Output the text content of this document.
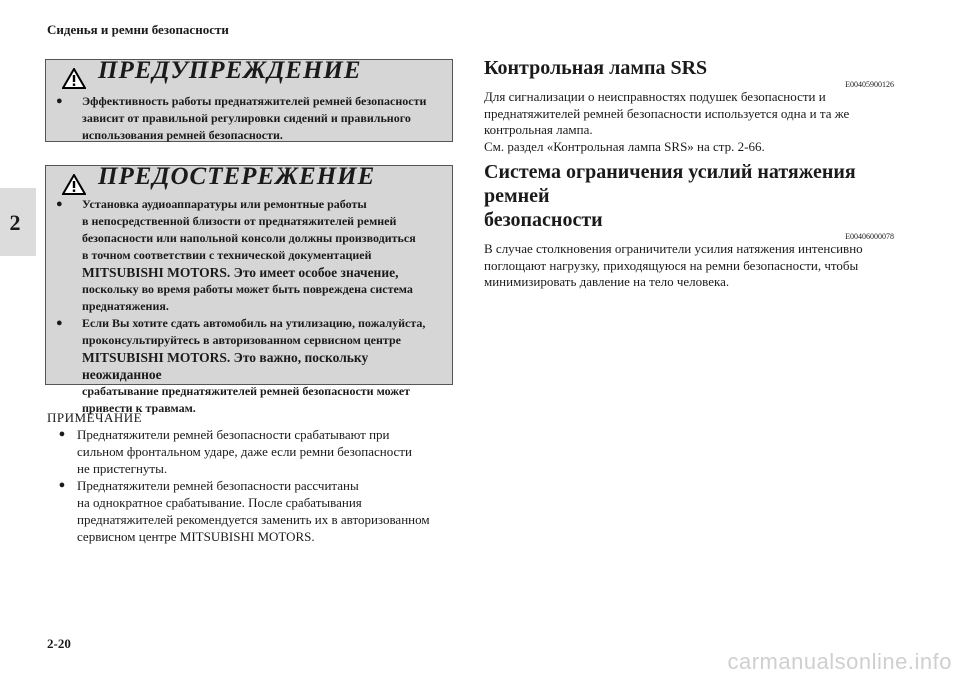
Сиденья и ремни безопасности
2
ПРЕДУПРЕЖДЕНИЕ
●	Эффективность работы преднатяжителей ремней безопасности
зависит от правильной регулировки сидений и правильного
использования ремней безопасности.
ПРЕДОСТЕРЕЖЕНИЕ
●	Установка аудиоаппаратуры или ремонтные работы
в непосредственной близости от преднатяжителей ремней
безопасности или напольной консоли должны производиться
в точном соответствии с технической документацией
MITSUBISHI MOTORS. Это имеет особое значение,
поскольку во время работы может быть повреждена система
преднатяжения.
●	Если Вы хотите сдать автомобиль на утилизацию, пожалуйста,
проконсультируйтесь в авторизованном сервисном центре
MITSUBISHI MOTORS. Это важно, поскольку неожиданное
срабатывание преднатяжителей ремней безопасности может
привести к травмам.
ПРИМЕЧАНИЕ
● Преднатяжители ремней безопасности срабатывают при
сильном фронтальном ударе, даже если ремни безопасности
не пристегнуты.
● Преднатяжители ремней безопасности рассчитаны
на однократное срабатывание. После срабатывания
преднатяжителей рекомендуется заменить их в авторизованном
сервисном центре MITSUBISHI MOTORS.
Контрольная лампа SRS
E00405900126
Для сигнализации о неисправностях подушек безопасности и
преднатяжителей ремней безопасности используется одна и та же
контрольная лампа.
См. раздел «Контрольная лампа SRS» на стр. 2-66.
Система ограничения усилий натяжения ремней
безопасности
E00406000078
В случае столкновения ограничители усилия натяжения интенсивно
поглощают нагрузку, приходящуюся на ремни безопасности, чтобы
минимизировать давление на тело человека.
2-20
carmanualsonline.info
